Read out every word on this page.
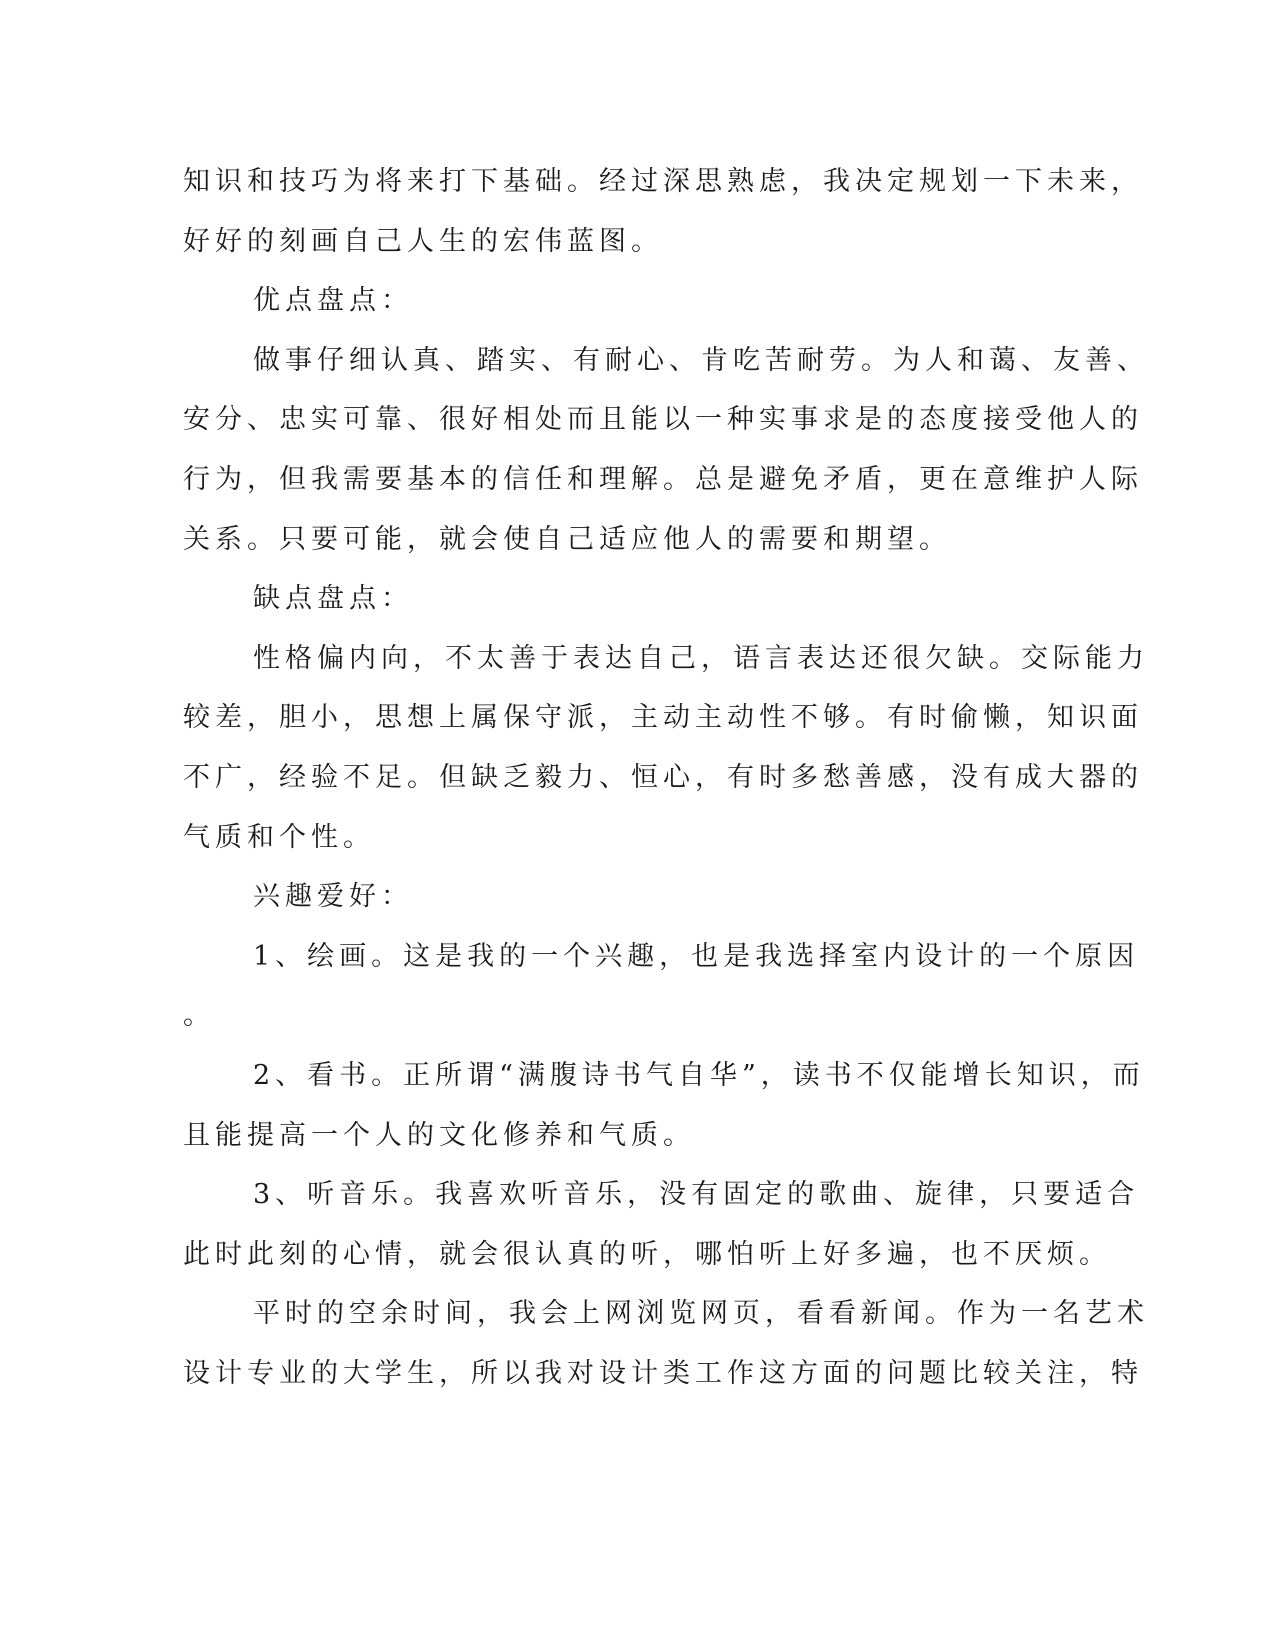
知识和技巧为将来打下基础。经过深思熟虑，我决定规划一下未来，
好好的刻画自己人生的宏伟蓝图。
优点盘点：
做事仔细认真、踏实、有耐心、肯吃苦耐劳。为人和蔼、友善、
安分、忠实可靠、很好相处而且能以一种实事求是的态度接受他人的
行为，但我需要基本的信任和理解。总是避免矛盾，更在意维护人际
关系。只要可能，就会使自己适应他人的需要和期望。
缺点盘点：
性格偏内向，不太善于表达自己，语言表达还很欠缺。交际能力
较差，胆小，思想上属保守派，主动主动性不够。有时偷懒，知识面
不广，经验不足。但缺乏毅力、恒心，有时多愁善感，没有成大器的
气质和个性。
兴趣爱好：
1、绘画。这是我的一个兴趣，也是我选择室内设计的一个原因
。
2、看书。正所谓“满腹诗书气自华”，读书不仅能增长知识，而
且能提高一个人的文化修养和气质。
3、听音乐。我喜欢听音乐，没有固定的歌曲、旋律，只要适合
此时此刻的心情，就会很认真的听，哪怕听上好多遍，也不厌烦。
平时的空余时间，我会上网浏览网页，看看新闻。作为一名艺术
设计专业的大学生，所以我对设计类工作这方面的问题比较关注，特
